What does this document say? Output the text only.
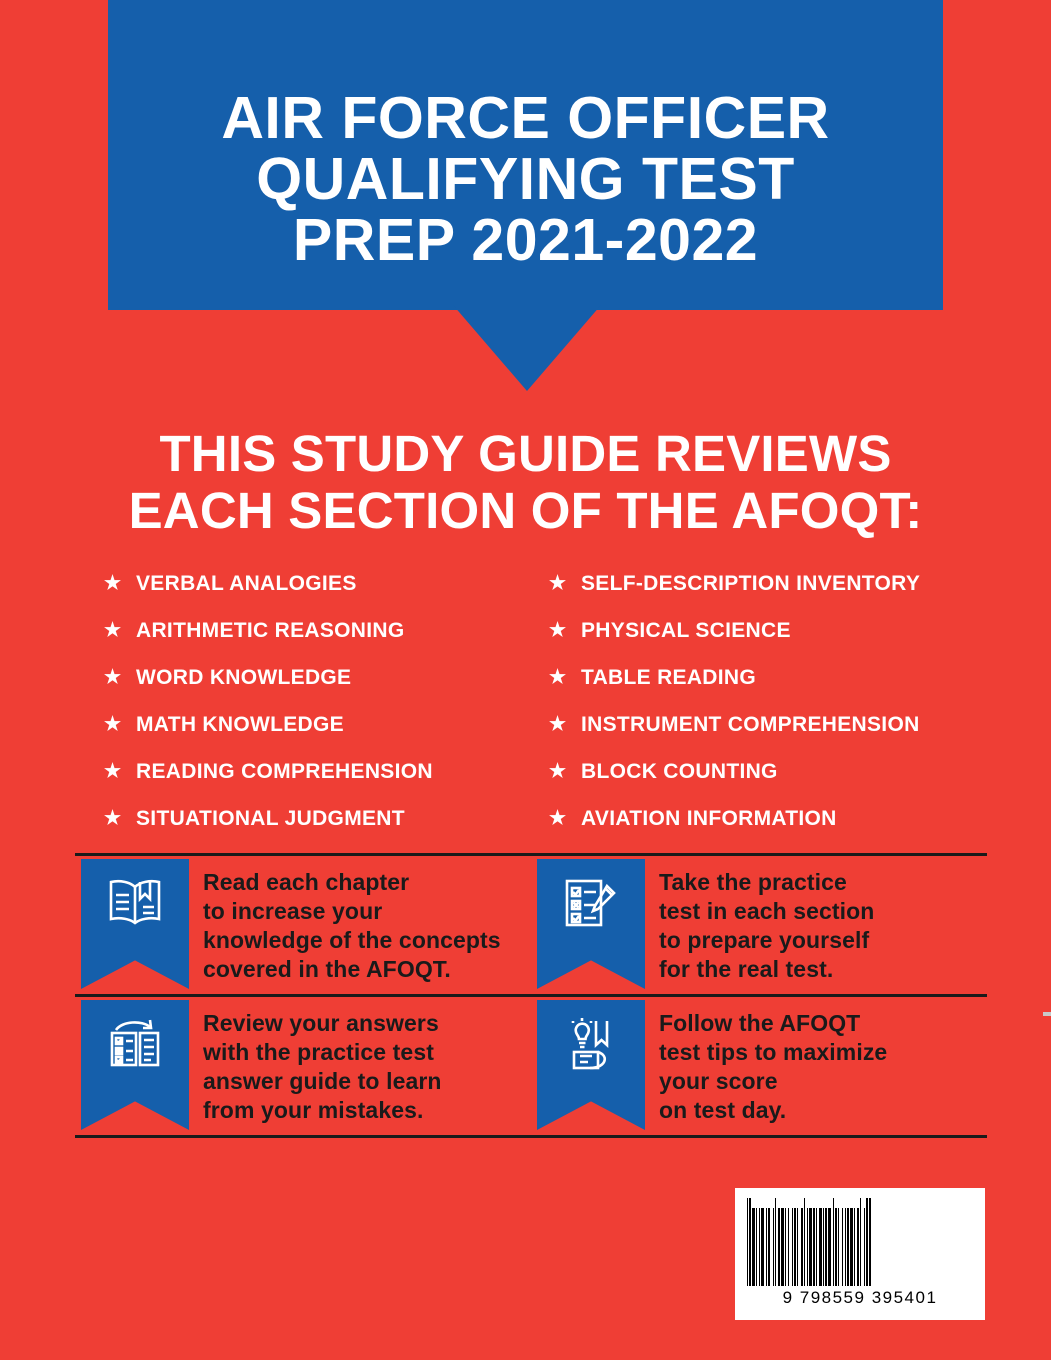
AIR FORCE OFFICER
QUALIFYING TEST
PREP 2021-2022
THIS STUDY GUIDE REVIEWS
EACH SECTION OF THE AFOQT:
★ VERBAL ANALOGIES
★ ARITHMETIC REASONING
★ WORD KNOWLEDGE
★ MATH KNOWLEDGE
★ READING COMPREHENSION
★ SITUATIONAL JUDGMENT
★ SELF-DESCRIPTION INVENTORY
★ PHYSICAL SCIENCE
★ TABLE READING
★ INSTRUMENT COMPREHENSION
★ BLOCK COUNTING
★ AVIATION INFORMATION
Read each chapter
to increase your
knowledge of the concepts
covered in the AFOQT.
Take the practice
test in each section
to prepare yourself
for the real test.
Review your answers
with the practice test
answer guide to learn
from your mistakes.
Follow the AFOQT
test tips to maximize
your score
on test day.
9 798559 395401
